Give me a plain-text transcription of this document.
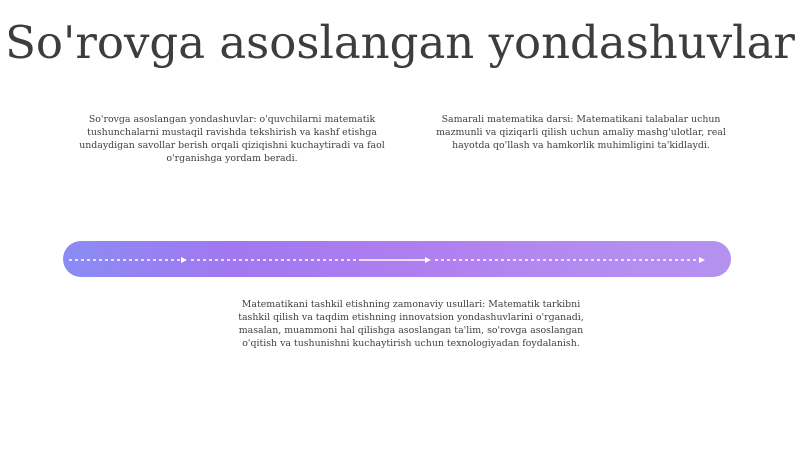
So'rovga asoslangan yondashuvlar

So'rovga asoslangan yondashuvlar: o'quvchilarni matematik tushunchalarni mustaqil ravishda tekshirish va kashf etishga undaydigan savollar berish orqali qiziqishni kuchaytiradi va faol o'rganishga yordam beradi.

Samarali matematika darsi: Matematikani talabalar uchun mazmunli va qiziqarli qilish uchun amaliy mashg'ulotlar, real hayotda qo'llash va hamkorlik muhimligini ta'kidlaydi.

Matematikani tashkil etishning zamonaviy usullari: Matematik tarkibni tashkil qilish va taqdim etishning innovatsion yondashuvlarini o'rganadi, masalan, muammoni hal qilishga asoslangan ta'lim, so'rovga asoslangan o'qitish va tushunishni kuchaytirish uchun texnologiyadan foydalanish.
